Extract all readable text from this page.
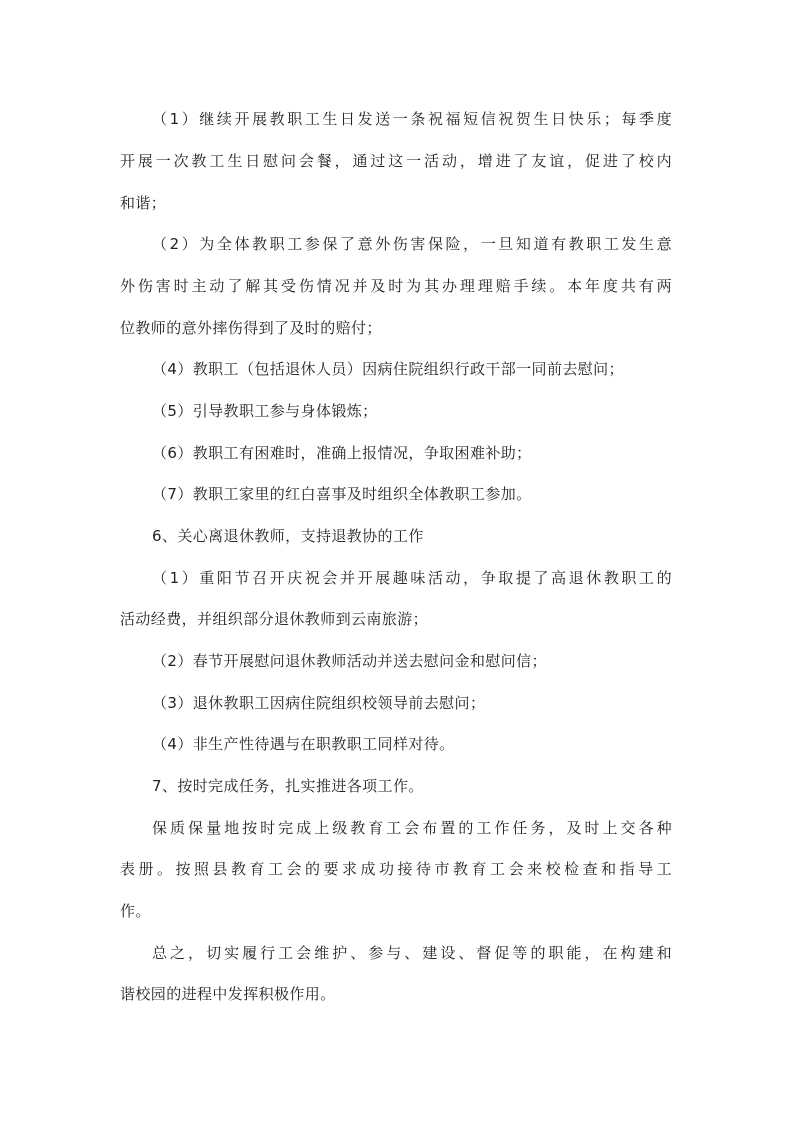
（1）继续开展教职工生日发送一条祝福短信祝贺生日快乐；每季度
开展一次教工生日慰问会餐，通过这一活动，增进了友谊，促进了校内
和谐；
（2）为全体教职工参保了意外伤害保险，一旦知道有教职工发生意
外伤害时主动了解其受伤情况并及时为其办理理赔手续。本年度共有两
位教师的意外摔伤得到了及时的赔付；
（4）教职工（包括退休人员）因病住院组织行政干部一同前去慰问；
（5）引导教职工参与身体锻炼；
（6）教职工有困难时，准确上报情况，争取困难补助；
（7）教职工家里的红白喜事及时组织全体教职工参加。
6、关心离退休教师，支持退教协的工作
（1）重阳节召开庆祝会并开展趣味活动，争取提了高退休教职工的
活动经费，并组织部分退休教师到云南旅游；
（2）春节开展慰问退休教师活动并送去慰问金和慰问信；
（3）退休教职工因病住院组织校领导前去慰问；
（4）非生产性待遇与在职教职工同样对待。
7、按时完成任务，扎实推进各项工作。
保质保量地按时完成上级教育工会布置的工作任务，及时上交各种
表册。按照县教育工会的要求成功接待市教育工会来校检查和指导工
作。
总之，切实履行工会维护、参与、建设、督促等的职能，在构建和
谐校园的进程中发挥积极作用。
